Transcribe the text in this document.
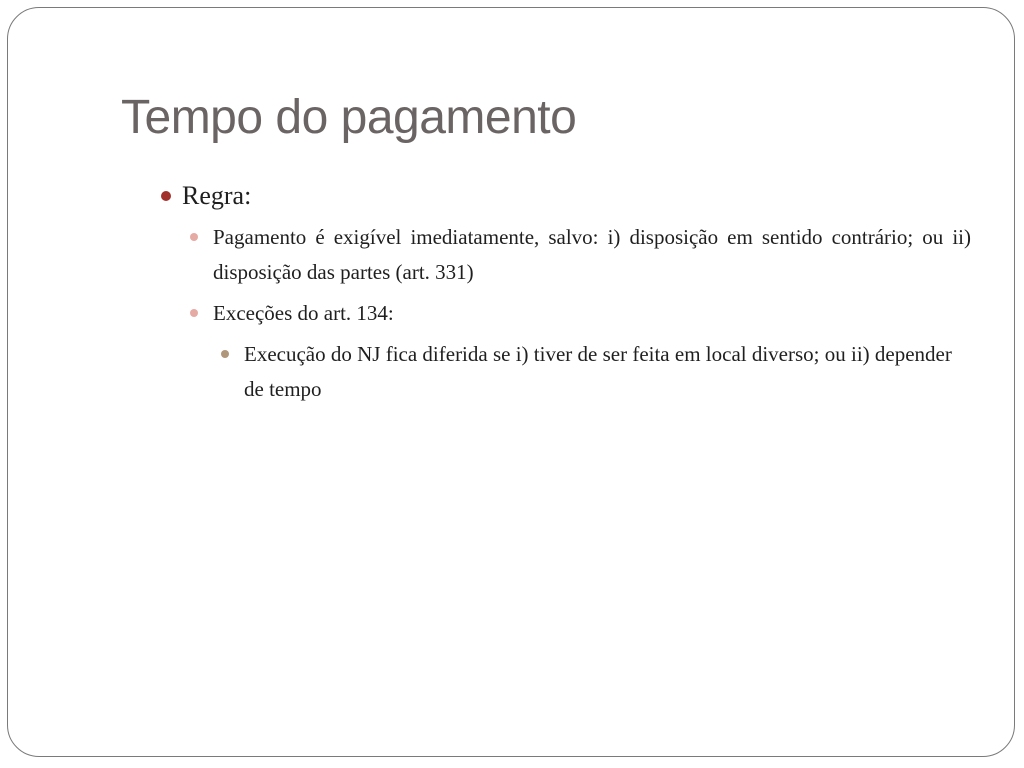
Tempo do pagamento
Regra:
Pagamento é exigível imediatamente, salvo: i) disposição em sentido contrário; ou ii) disposição das partes (art. 331)
Exceções do art. 134:
Execução do NJ fica diferida se i) tiver de ser feita em local diverso; ou ii) depender de tempo
